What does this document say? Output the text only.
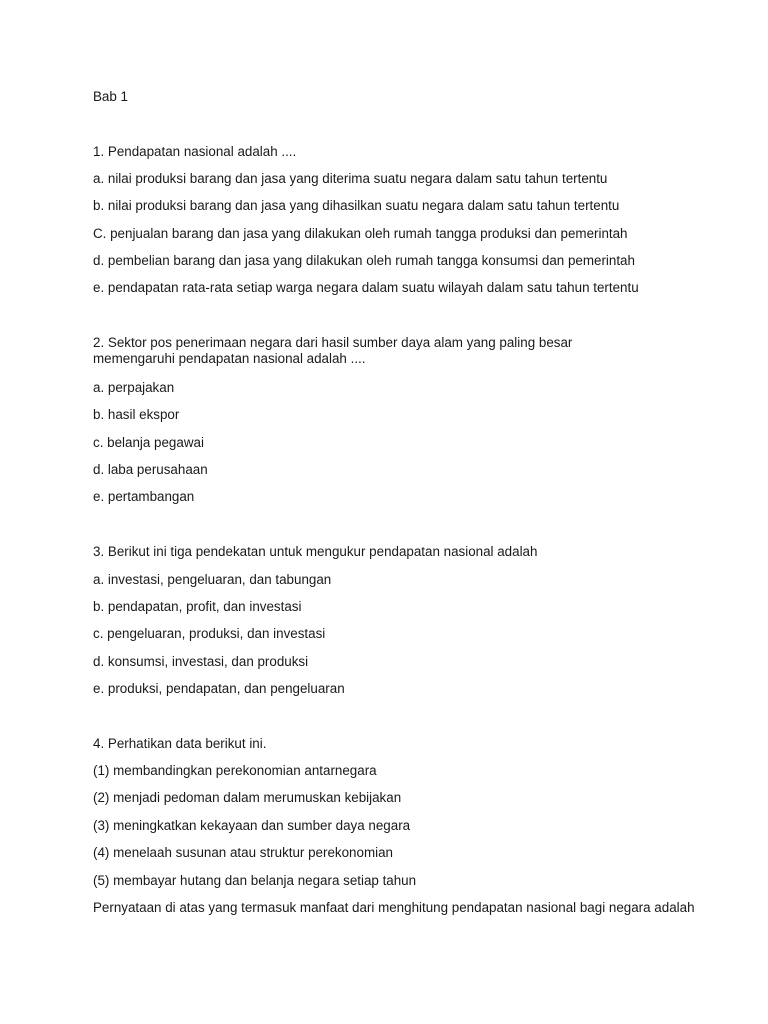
Bab 1
1. Pendapatan nasional adalah ....
a. nilai produksi barang dan jasa yang diterima suatu negara dalam satu tahun tertentu
b. nilai produksi barang dan jasa yang dihasilkan suatu negara dalam satu tahun tertentu
C. penjualan barang dan jasa yang dilakukan oleh rumah tangga produksi dan pemerintah
d. pembelian barang dan jasa yang dilakukan oleh rumah tangga konsumsi dan pemerintah
e. pendapatan rata-rata setiap warga negara dalam suatu wilayah dalam satu tahun tertentu
2. Sektor pos penerimaan negara dari hasil sumber daya alam yang paling besar memengaruhi pendapatan nasional adalah ....
a. perpajakan
b. hasil ekspor
c. belanja pegawai
d. laba perusahaan
e. pertambangan
3. Berikut ini tiga pendekatan untuk mengukur pendapatan nasional adalah
a. investasi, pengeluaran, dan tabungan
b. pendapatan, profit, dan investasi
c. pengeluaran, produksi, dan investasi
d. konsumsi, investasi, dan produksi
e. produksi, pendapatan, dan pengeluaran
4. Perhatikan data berikut ini.
(1) membandingkan perekonomian antarnegara
(2) menjadi pedoman dalam merumuskan kebijakan
(3) meningkatkan kekayaan dan sumber daya negara
(4) menelaah susunan atau struktur perekonomian
(5) membayar hutang dan belanja negara setiap tahun
Pernyataan di atas yang termasuk manfaat dari menghitung pendapatan nasional bagi negara adalah
